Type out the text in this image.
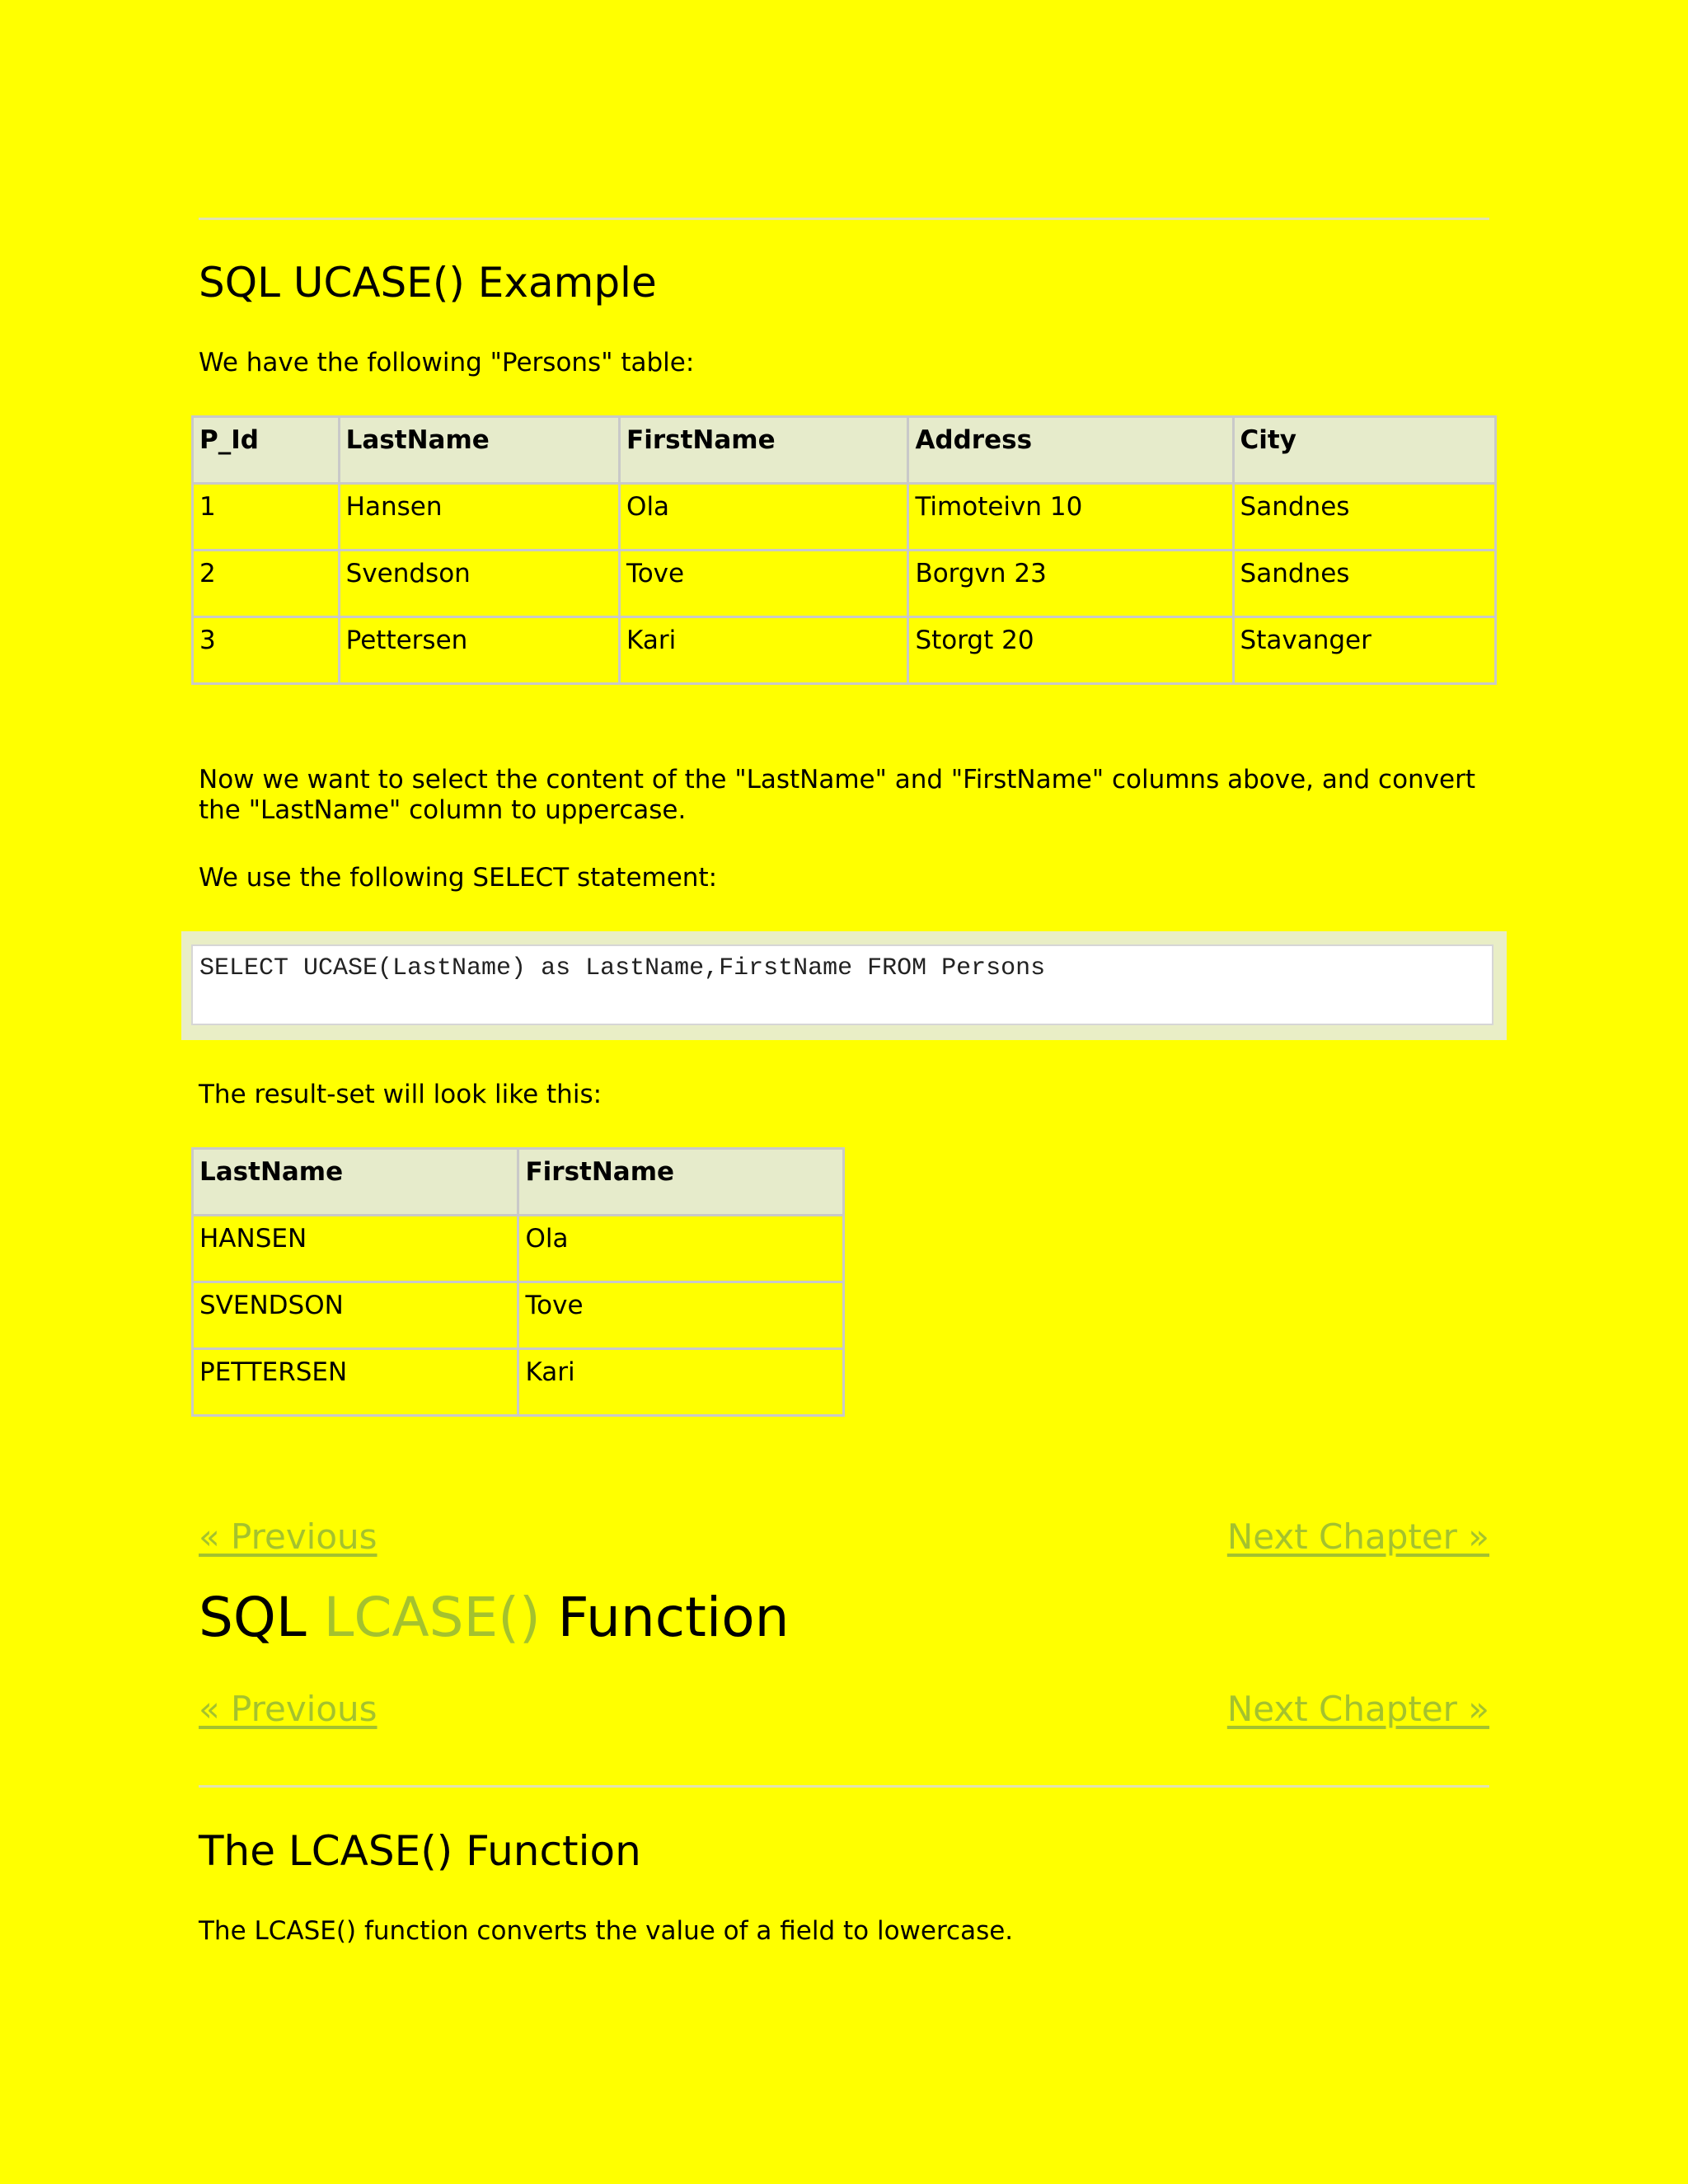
SQL UCASE() Example

We have the following "Persons" table:

P_Id	LastName	FirstName	Address	City
1	Hansen	Ola	Timoteivn 10	Sandnes
2	Svendson	Tove	Borgvn 23	Sandnes
3	Pettersen	Kari	Storgt 20	Stavanger

Now we want to select the content of the "LastName" and "FirstName" columns above, and convert the "LastName" column to uppercase.

We use the following SELECT statement:

SELECT UCASE(LastName) as LastName,FirstName FROM Persons

The result-set will look like this:

LastName	FirstName
HANSEN	Ola
SVENDSON	Tove
PETTERSEN	Kari
« Previous	Next Chapter »
SQL LCASE() Function
« Previous	Next Chapter »
The LCASE() Function

The LCASE() function converts the value of a field to lowercase.
